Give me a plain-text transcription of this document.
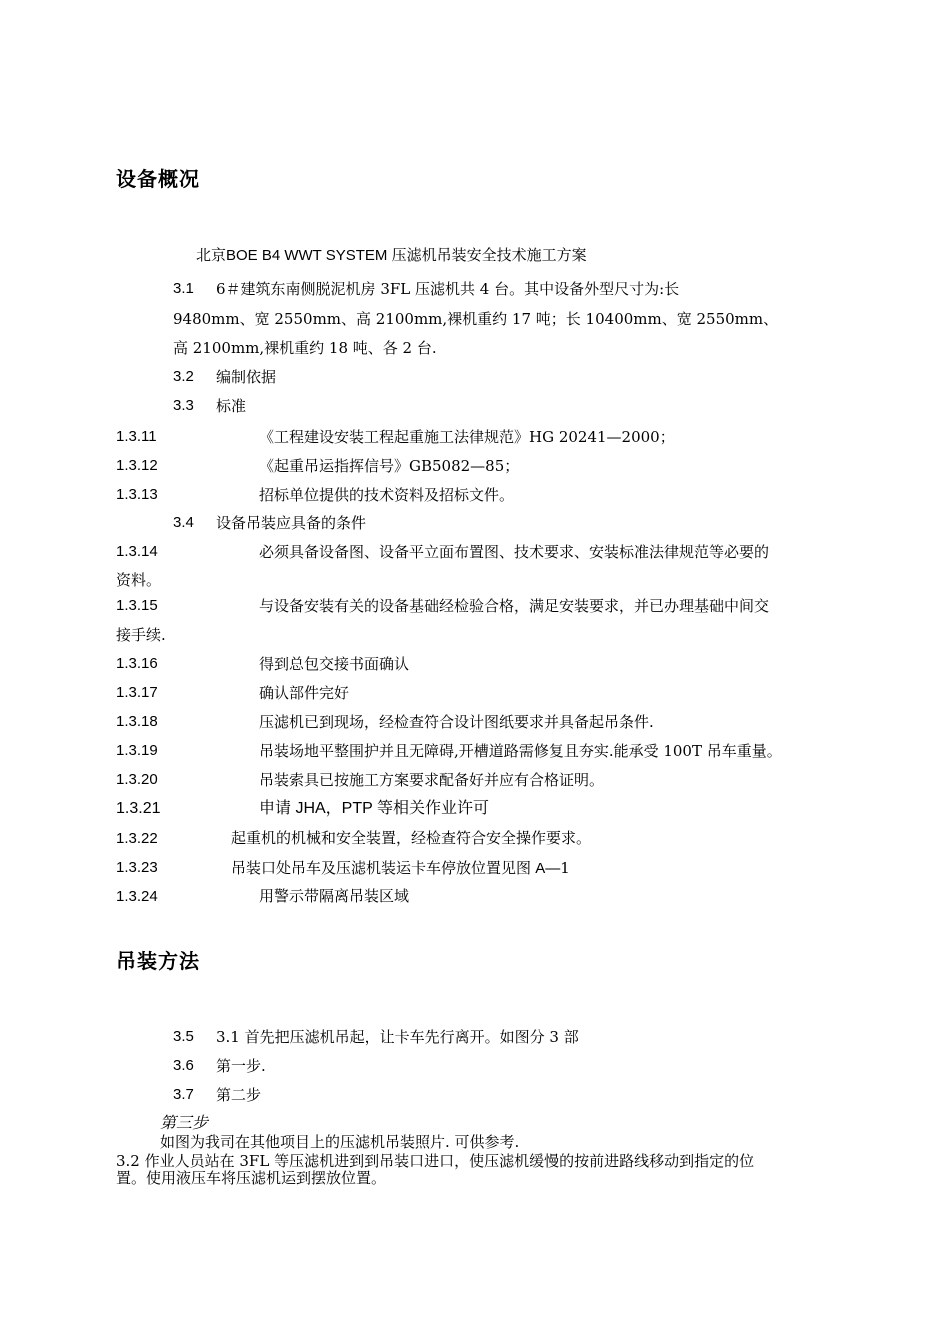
设备概况
北京BOE B4 WWT SYSTEM 压滤机吊装安全技术施工方案
3.1 6＃建筑东南侧脱泥机房 3FL 压滤机共 4 台。其中设备外型尺寸为:长
9480mm、宽 2550mm、高 2100mm,裸机重约 17 吨；长 10400mm、宽 2550mm、
高 2100mm,裸机重约 18 吨、各 2 台.
3.2 编制依据
3.3 标准
1.3.11	《工程建设安装工程起重施工法律规范》HG 20241—2000；
1.3.12	《起重吊运指挥信号》GB5082—85；
1.3.13	招标单位提供的技术资料及招标文件。
3.4 设备吊装应具备的条件
1.3.14	必须具备设备图、设备平立面布置图、技术要求、安装标准法律规范等必要的
资料。
1.3.15	与设备安装有关的设备基础经检验合格，满足安装要求，并已办理基础中间交
接手续.
1.3.16	得到总包交接书面确认
1.3.17	确认部件完好
1.3.18	压滤机已到现场，经检查符合设计图纸要求并具备起吊条件.
1.3.19	吊装场地平整围护并且无障碍,开槽道路需修复且夯实.能承受 100T 吊车重量。
1.3.20	吊装索具已按施工方案要求配备好并应有合格证明。
1.3.21	申请 JHA，PTP 等相关作业许可
1.3.22	起重机的机械和安全装置，经检查符合安全操作要求。
1.3.23	吊装口处吊车及压滤机装运卡车停放位置见图 A—1
1.3.24	用警示带隔离吊装区域
吊装方法
3.5 3.1 首先把压滤机吊起，让卡车先行离开。如图分 3 部
3.6 第一步.
3.7 第二步
第三步
如图为我司在其他项目上的压滤机吊装照片. 可供参考.
3.2 作业人员站在 3FL 等压滤机进到到吊装口进口，使压滤机缓慢的按前进路线移动到指定的位
置。使用液压车将压滤机运到摆放位置。
